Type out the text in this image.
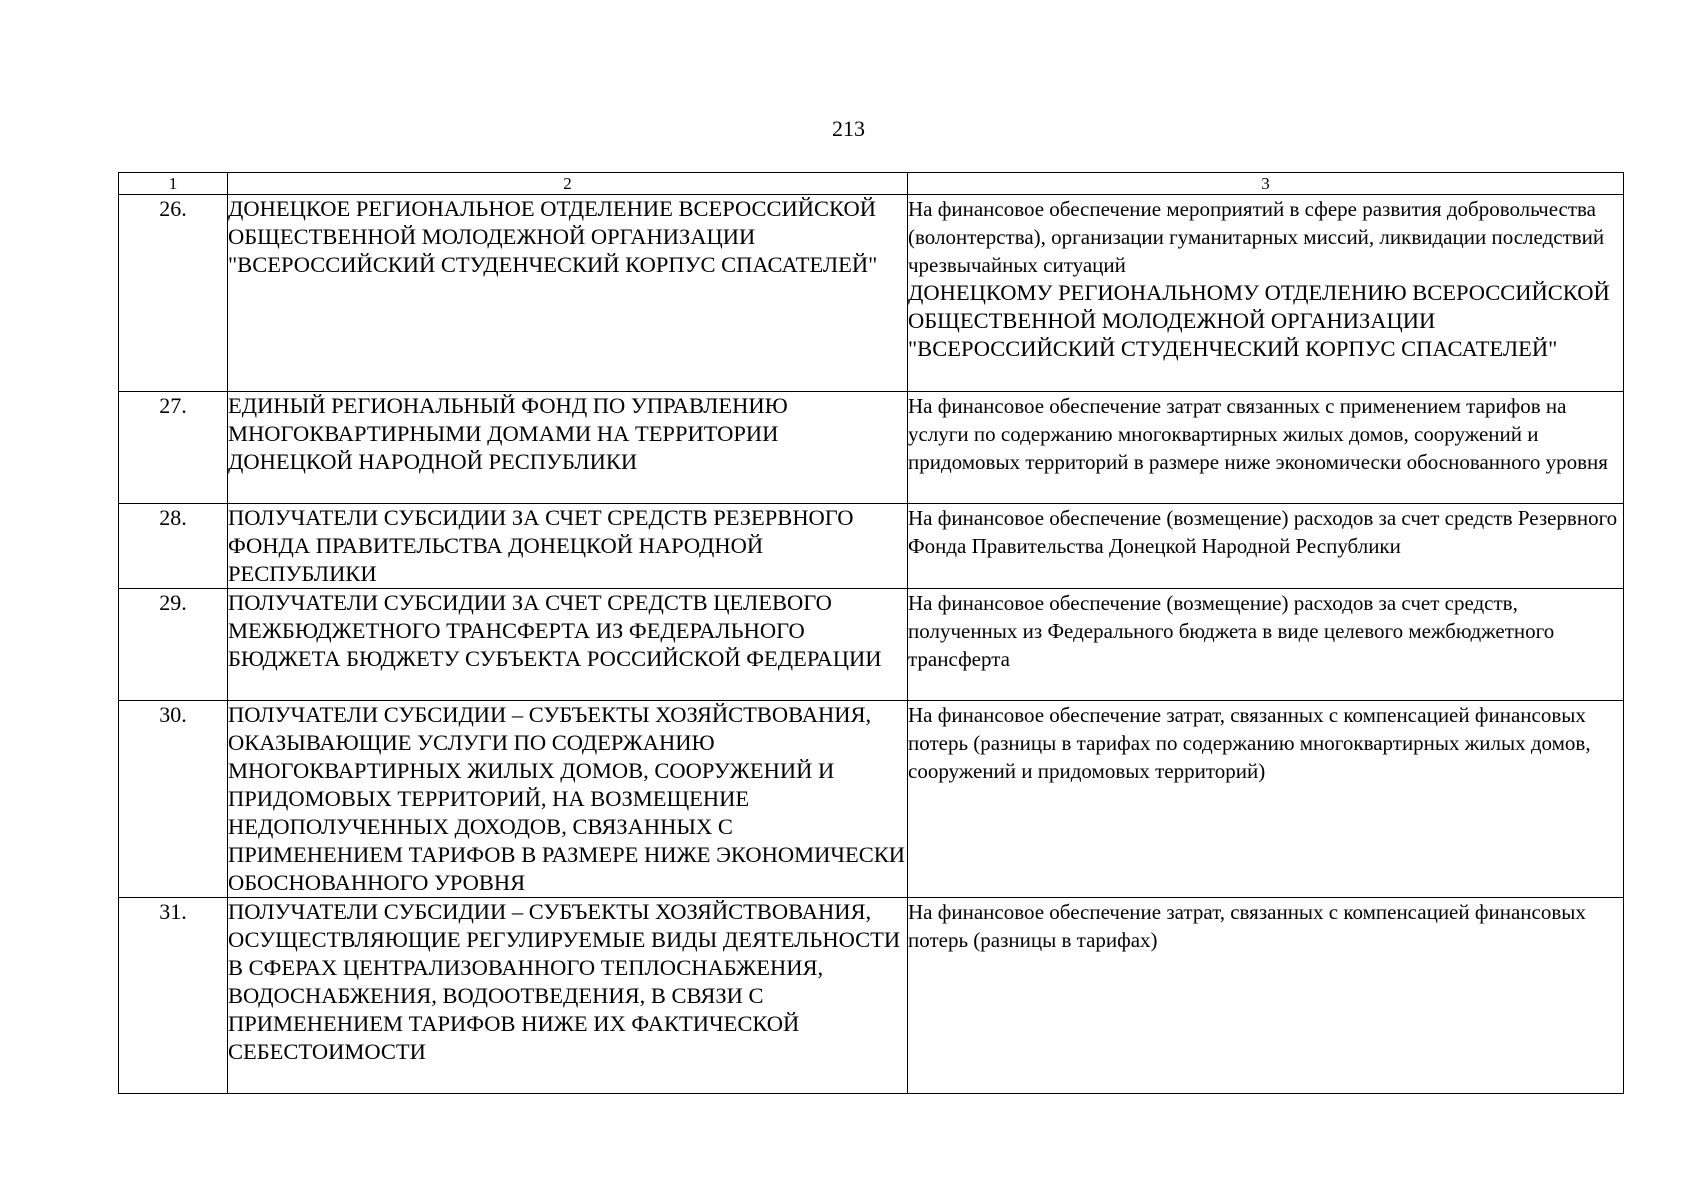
213
1	2	3
26.	ДОНЕЦКОЕ РЕГИОНАЛЬНОЕ ОТДЕЛЕНИЕ ВСЕРОССИЙСКОЙ ОБЩЕСТВЕННОЙ МОЛОДЕЖНОЙ ОРГАНИЗАЦИИ "ВСЕРОССИЙСКИЙ СТУДЕНЧЕСКИЙ КОРПУС СПАСАТЕЛЕЙ"	На финансовое обеспечение мероприятий в сфере развития добровольчества (волонтерства), организации гуманитарных миссий, ликвидации последствий чрезвычайных ситуаций
ДОНЕЦКОМУ РЕГИОНАЛЬНОМУ ОТДЕЛЕНИЮ ВСЕРОССИЙСКОЙ ОБЩЕСТВЕННОЙ МОЛОДЕЖНОЙ ОРГАНИЗАЦИИ "ВСЕРОССИЙСКИЙ СТУДЕНЧЕСКИЙ КОРПУС СПАСАТЕЛЕЙ"

27.	ЕДИНЫЙ РЕГИОНАЛЬНЫЙ ФОНД ПО УПРАВЛЕНИЮ МНОГОКВАРТИРНЫМИ ДОМАМИ НА ТЕРРИТОРИИ ДОНЕЦКОЙ НАРОДНОЙ РЕСПУБЛИКИ	На финансовое обеспечение затрат связанных с применением тарифов на услуги по содержанию многоквартирных жилых домов, сооружений и придомовых территорий в размере ниже экономически обоснованного уровня
28.	ПОЛУЧАТЕЛИ СУБСИДИИ ЗА СЧЕТ СРЕДСТВ РЕЗЕРВНОГО ФОНДА ПРАВИТЕЛЬСТВА ДОНЕЦКОЙ НАРОДНОЙ РЕСПУБЛИКИ	На финансовое обеспечение (возмещение) расходов за счет средств Резервного Фонда Правительства Донецкой Народной Республики
29.	ПОЛУЧАТЕЛИ СУБСИДИИ ЗА СЧЕТ СРЕДСТВ ЦЕЛЕВОГО МЕЖБЮДЖЕТНОГО ТРАНСФЕРТА ИЗ ФЕДЕРАЛЬНОГО БЮДЖЕТА БЮДЖЕТУ СУБЪЕКТА РОССИЙСКОЙ ФЕДЕРАЦИИ	На финансовое обеспечение (возмещение) расходов за счет средств, полученных из Федерального бюджета в виде целевого межбюджетного трансферта
30.	ПОЛУЧАТЕЛИ СУБСИДИИ – СУБЪЕКТЫ ХОЗЯЙСТВОВАНИЯ, ОКАЗЫВАЮЩИЕ УСЛУГИ ПО СОДЕРЖАНИЮ МНОГОКВАРТИРНЫХ ЖИЛЫХ ДОМОВ, СООРУЖЕНИЙ И ПРИДОМОВЫХ ТЕРРИТОРИЙ, НА ВОЗМЕЩЕНИЕ НЕДОПОЛУЧЕННЫХ ДОХОДОВ, СВЯЗАННЫХ С ПРИМЕНЕНИЕМ ТАРИФОВ В РАЗМЕРЕ НИЖЕ ЭКОНОМИЧЕСКИ ОБОСНОВАННОГО УРОВНЯ	На финансовое обеспечение затрат, связанных с компенсацией финансовых потерь (разницы в тарифах по содержанию многоквартирных жилых домов, сооружений и придомовых территорий)
31.	ПОЛУЧАТЕЛИ СУБСИДИИ – СУБЪЕКТЫ ХОЗЯЙСТВОВАНИЯ, ОСУЩЕСТВЛЯЮЩИЕ РЕГУЛИРУЕМЫЕ ВИДЫ ДЕЯТЕЛЬНОСТИ В СФЕРАХ ЦЕНТРАЛИЗОВАННОГО ТЕПЛОСНАБЖЕНИЯ, ВОДОСНАБЖЕНИЯ, ВОДООТВЕДЕНИЯ, В СВЯЗИ С ПРИМЕНЕНИЕМ ТАРИФОВ НИЖЕ ИХ ФАКТИЧЕСКОЙ СЕБЕСТОИМОСТИ	На финансовое обеспечение затрат, связанных с компенсацией финансовых потерь (разницы в тарифах)
